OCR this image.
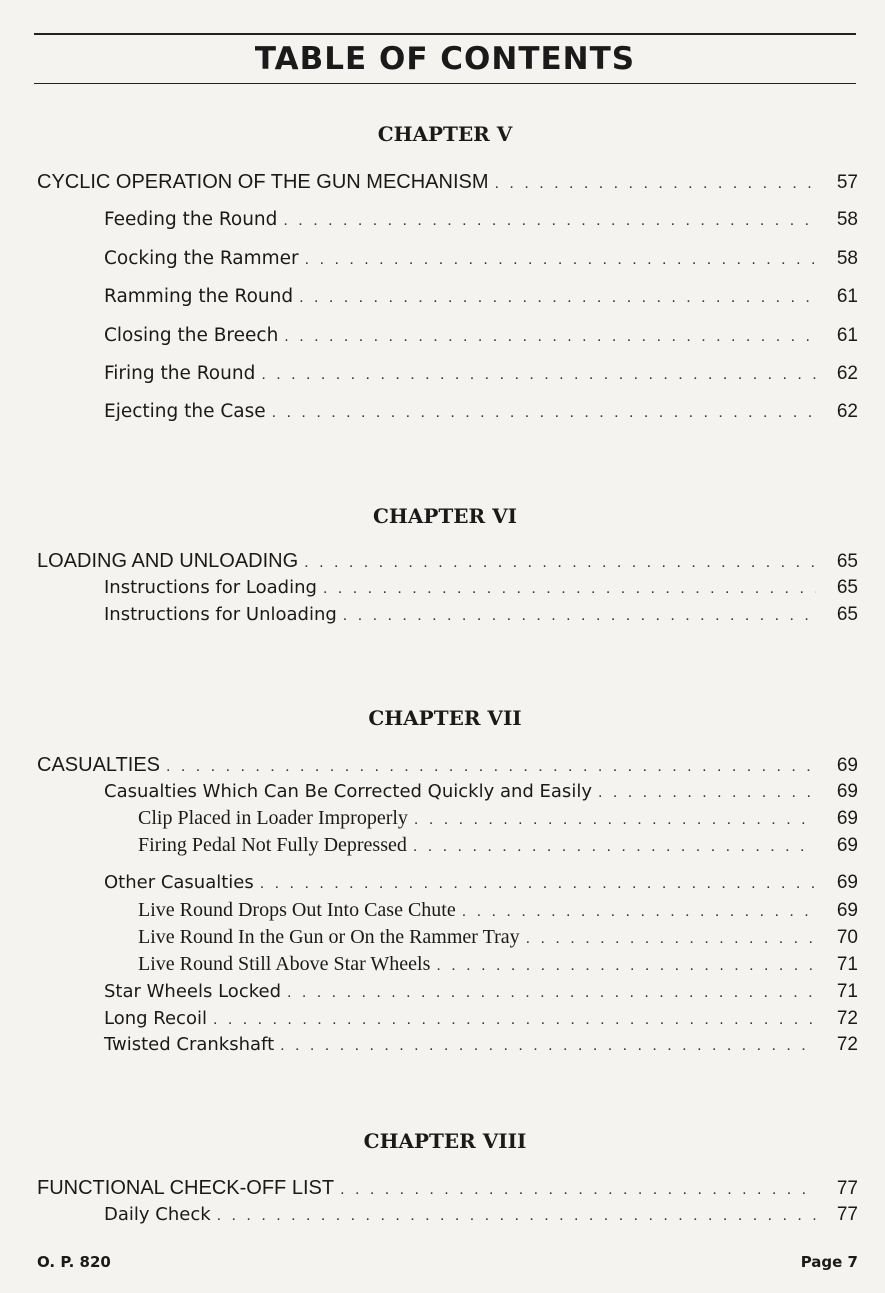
TABLE OF CONTENTS
CHAPTER V
CYCLIC OPERATION OF THE GUN MECHANISM . . .	57
Feeding the Round . . .	58
Cocking the Rammer . . .	58
Ramming the Round . . .	61
Closing the Breech . . .	61
Firing the Round . . .	62
Ejecting the Case . . .	62
CHAPTER VI
LOADING AND UNLOADING . . .	65
Instructions for Loading . . .	65
Instructions for Unloading . . .	65
CHAPTER VII
CASUALTIES . . .	69
Casualties Which Can Be Corrected Quickly and Easily . . .	69
Clip Placed in Loader Improperly . . .	69
Firing Pedal Not Fully Depressed . . .	69
Other Casualties . . .	69
Live Round Drops Out Into Case Chute . . .	69
Live Round In the Gun or On the Rammer Tray . . .	70
Live Round Still Above Star Wheels . . .	71
Star Wheels Locked . . .	71
Long Recoil . . .	72
Twisted Crankshaft . . .	72
CHAPTER VIII
FUNCTIONAL CHECK-OFF LIST . . .	77
Daily Check . . .	77
O. P. 820	Page 7
